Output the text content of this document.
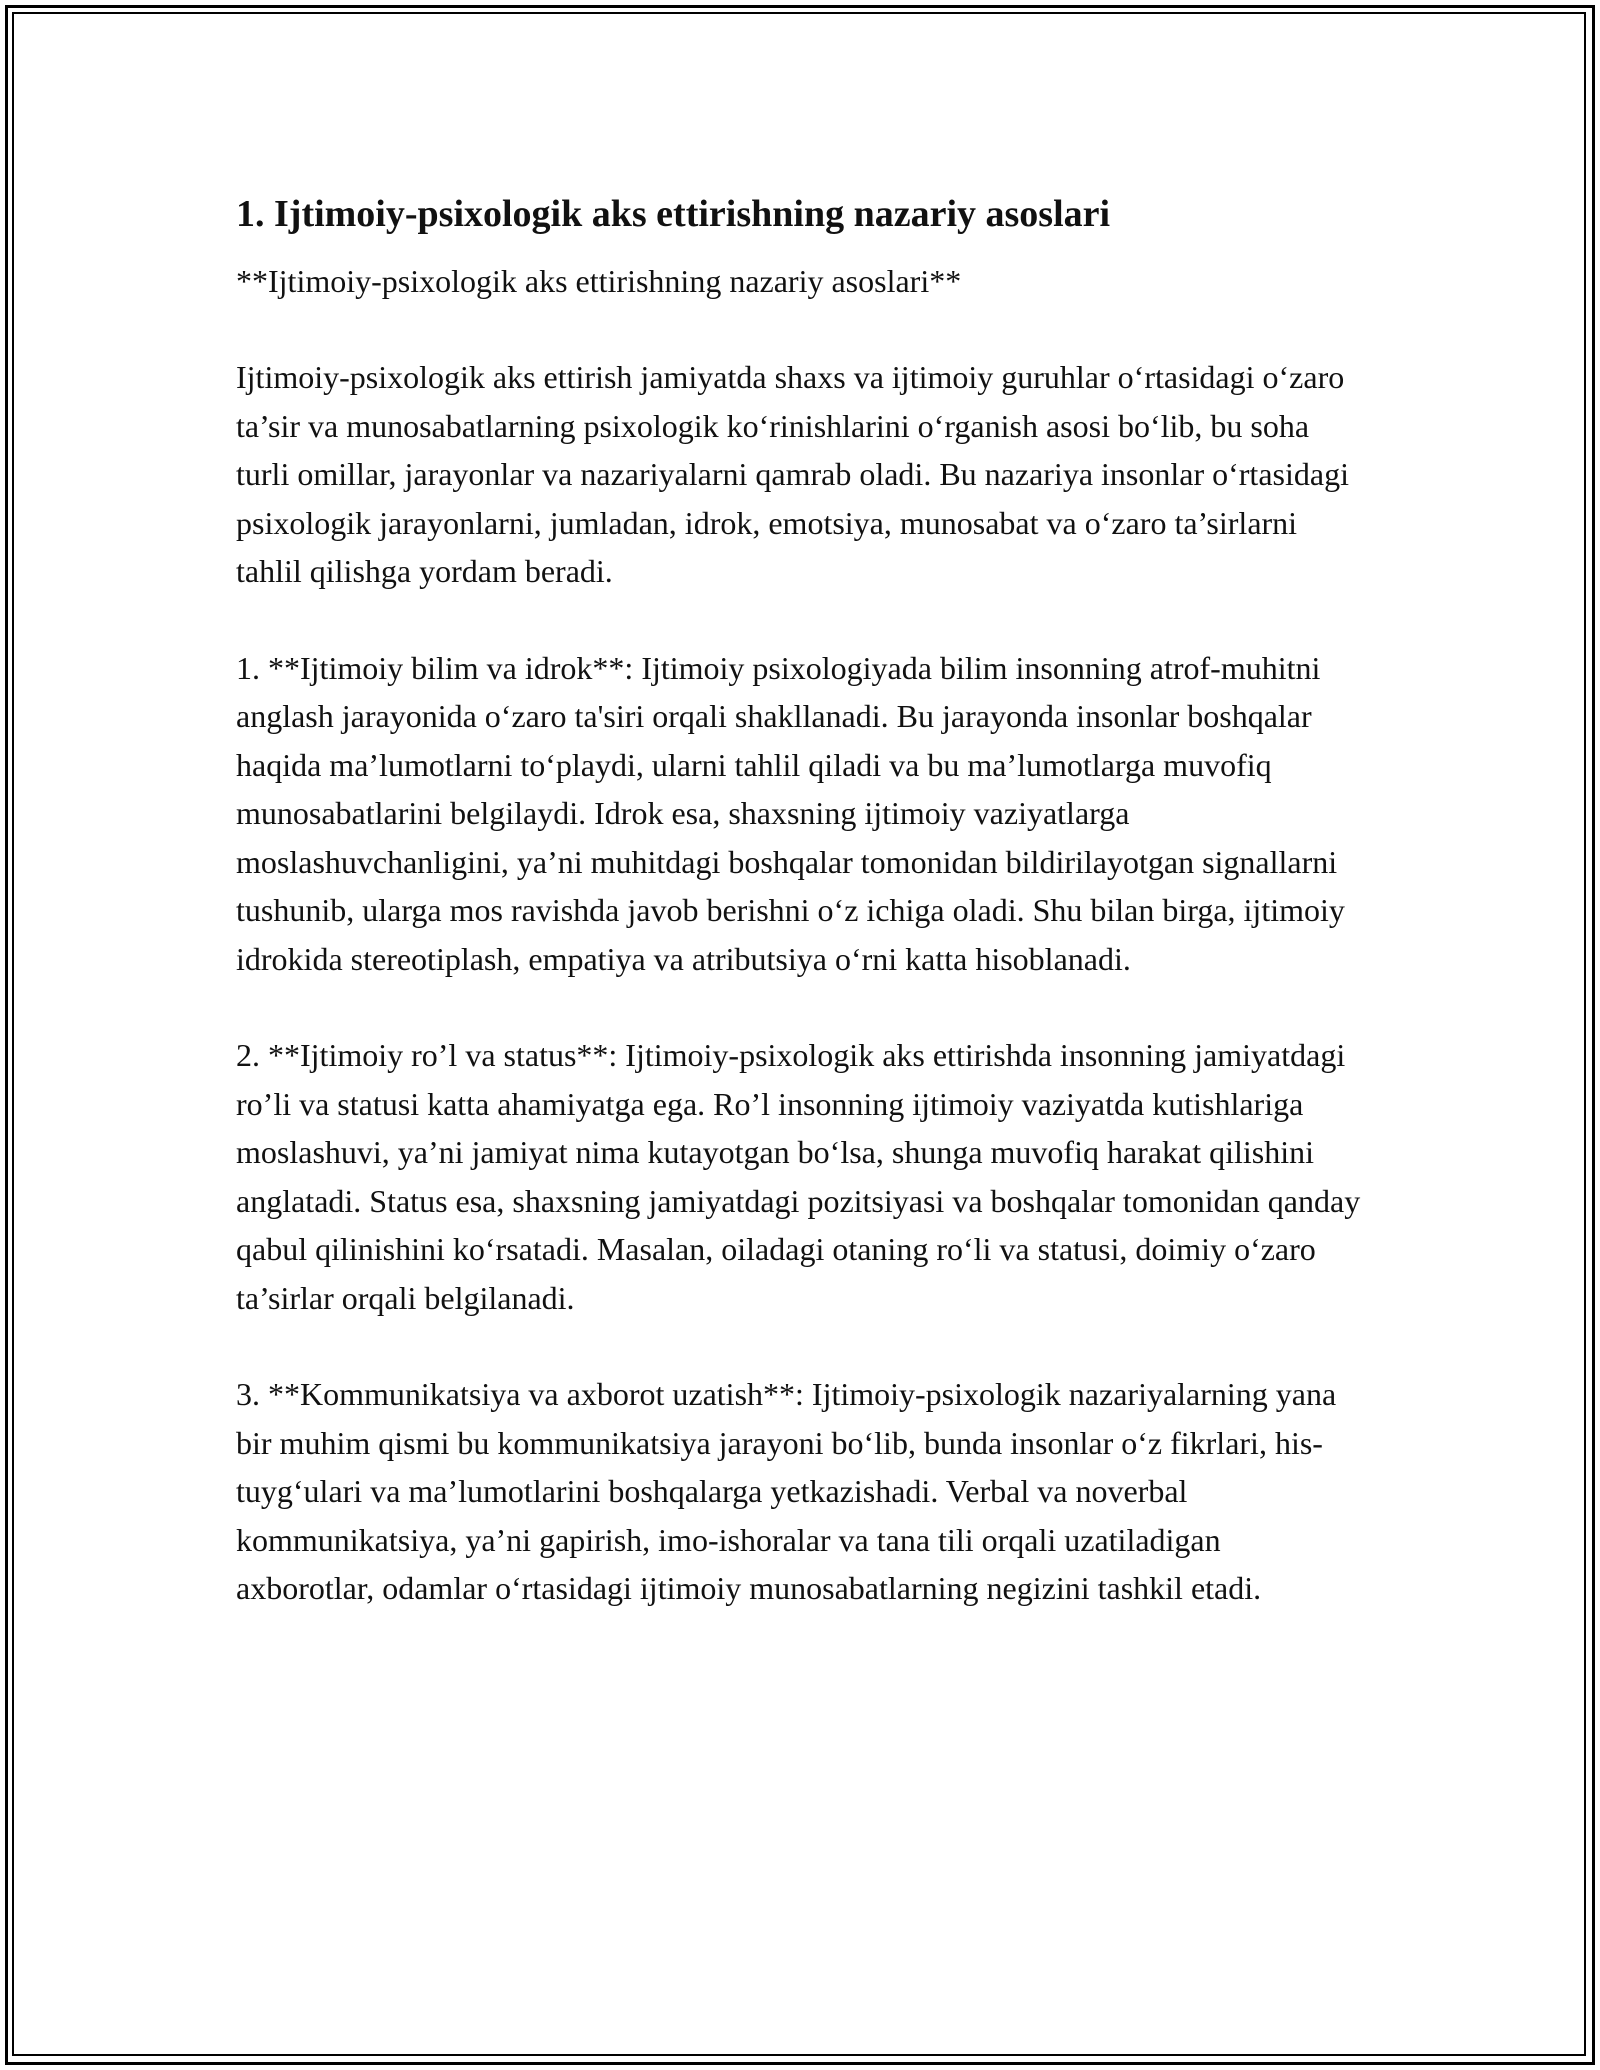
1. Ijtimoiy-psixologik aks ettirishning nazariy asoslari

**Ijtimoiy-psixologik aks ettirishning nazariy asoslari**

Ijtimoiy-psixologik aks ettirish jamiyatda shaxs va ijtimoiy guruhlar o‘rtasidagi o‘zaro ta’sir va munosabatlarning psixologik ko‘rinishlarini o‘rganish asosi bo‘lib, bu soha turli omillar, jarayonlar va nazariyalarni qamrab oladi. Bu nazariya insonlar o‘rtasidagi psixologik jarayonlarni, jumladan, idrok, emotsiya, munosabat va o‘zaro ta’sirlarni tahlil qilishga yordam beradi.

1. **Ijtimoiy bilim va idrok**: Ijtimoiy psixologiyada bilim insonning atrof-muhitni anglash jarayonida o‘zaro ta'siri orqali shakllanadi. Bu jarayonda insonlar boshqalar haqida ma’lumotlarni to‘playdi, ularni tahlil qiladi va bu ma’lumotlarga muvofiq munosabatlarini belgilaydi. Idrok esa, shaxsning ijtimoiy vaziyatlarga moslashuvchanligini, ya’ni muhitdagi boshqalar tomonidan bildirilayotgan signallarni tushunib, ularga mos ravishda javob berishni o‘z ichiga oladi. Shu bilan birga, ijtimoiy idrokida stereotiplash, empatiya va atributsiya o‘rni katta hisoblanadi.

2. **Ijtimoiy ro’l va status**: Ijtimoiy-psixologik aks ettirishda insonning jamiyatdagi ro’li va statusi katta ahamiyatga ega. Ro’l insonning ijtimoiy vaziyatda kutishlariga moslashuvi, ya’ni jamiyat nima kutayotgan bo‘lsa, shunga muvofiq harakat qilishini anglatadi. Status esa, shaxsning jamiyatdagi pozitsiyasi va boshqalar tomonidan qanday qabul qilinishini ko‘rsatadi. Masalan, oiladagi otaning ro‘li va statusi, doimiy o‘zaro ta’sirlar orqali belgilanadi.

3. **Kommunikatsiya va axborot uzatish**: Ijtimoiy-psixologik nazariyalarning yana bir muhim qismi bu kommunikatsiya jarayoni bo‘lib, bunda insonlar o‘z fikrlari, his-tuyg‘ulari va ma’lumotlarini boshqalarga yetkazishadi. Verbal va noverbal kommunikatsiya, ya’ni gapirish, imo-ishoralar va tana tili orqali uzatiladigan axborotlar, odamlar o‘rtasidagi ijtimoiy munosabatlarning negizini tashkil etadi.
